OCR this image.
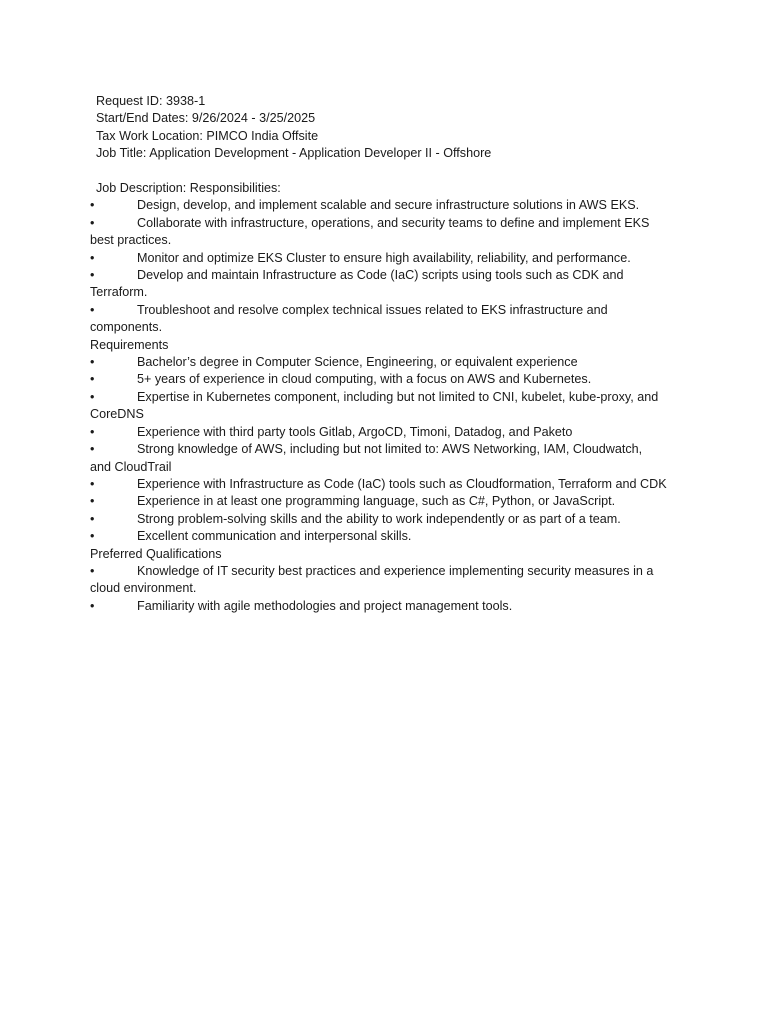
Request ID: 3938-1
Start/End Dates: 9/26/2024 - 3/25/2025
Tax Work Location: PIMCO India Offsite
Job Title: Application Development - Application Developer II - Offshore
Job Description: Responsibilities:
•	Design, develop, and implement scalable and secure infrastructure solutions in AWS EKS.
•	Collaborate with infrastructure, operations, and security teams to define and implement EKS
best practices.
•	Monitor and optimize EKS Cluster to ensure high availability, reliability, and performance.
•	Develop and maintain Infrastructure as Code (IaC) scripts using tools such as CDK and
Terraform.
•	Troubleshoot and resolve complex technical issues related to EKS infrastructure and
components.
Requirements
•	Bachelor’s degree in Computer Science, Engineering, or equivalent experience
•	5+ years of experience in cloud computing, with a focus on AWS and Kubernetes.
•	Expertise in Kubernetes component, including but not limited to CNI, kubelet, kube-proxy, and
CoreDNS
•	Experience with third party tools Gitlab, ArgoCD, Timoni, Datadog, and Paketo
•	Strong knowledge of AWS, including but not limited to: AWS Networking, IAM, Cloudwatch,
and CloudTrail
•	Experience with Infrastructure as Code (IaC) tools such as Cloudformation, Terraform and CDK
•	Experience in at least one programming language, such as C#, Python, or JavaScript.
•	Strong problem-solving skills and the ability to work independently or as part of a team.
•	Excellent communication and interpersonal skills.
Preferred Qualifications
•	Knowledge of IT security best practices and experience implementing security measures in a
cloud environment.
•	Familiarity with agile methodologies and project management tools.
